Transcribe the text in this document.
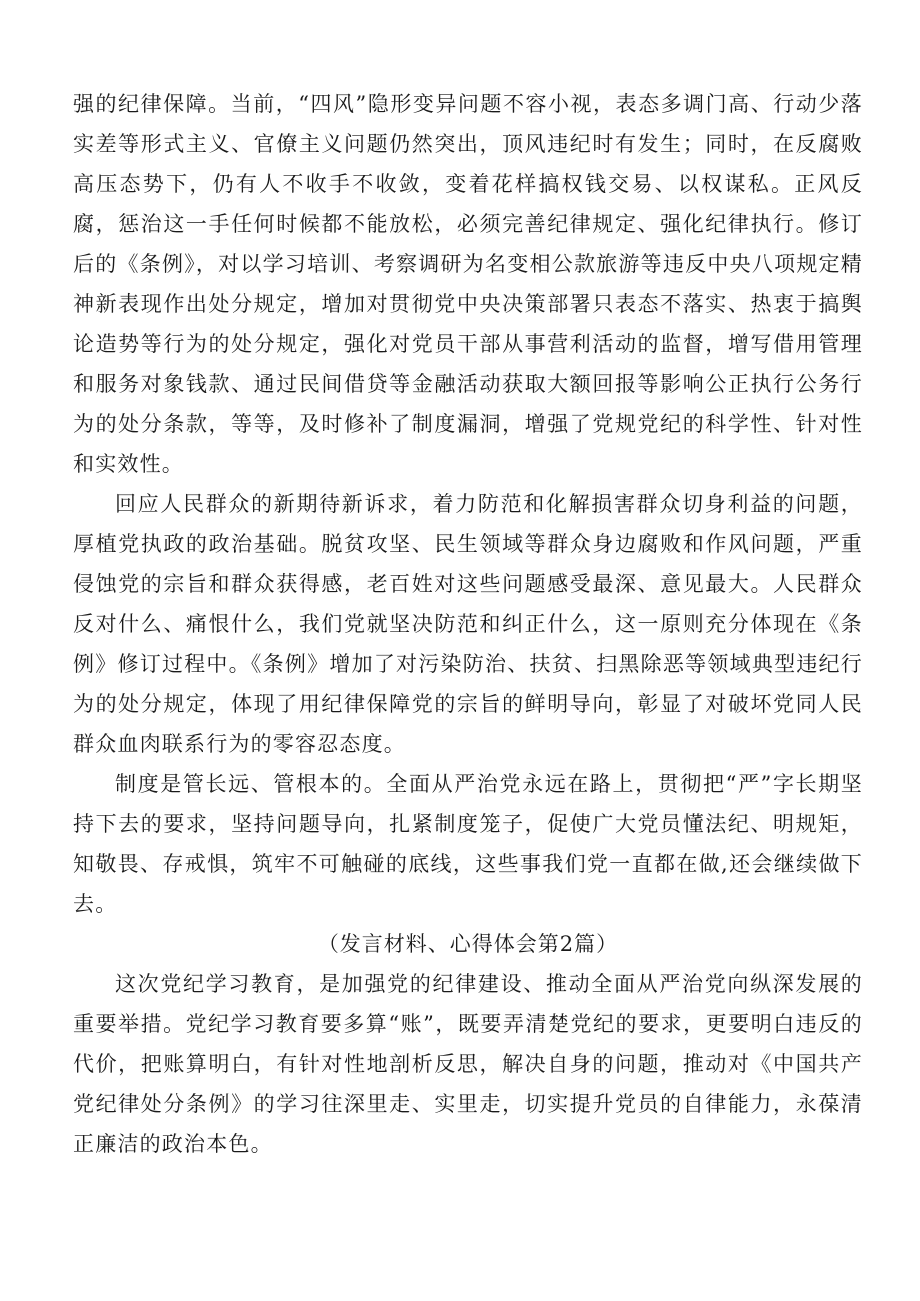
强的纪律保障。当前，“四风”隐形变异问题不容小视，表态多调门高、行动少落实差等形式主义、官僚主义问题仍然突出，顶风违纪时有发生；同时，在反腐败高压态势下，仍有人不收手不收敛，变着花样搞权钱交易、以权谋私。正风反腐，惩治这一手任何时候都不能放松，必须完善纪律规定、强化纪律执行。修订后的《条例》，对以学习培训、考察调研为名变相公款旅游等违反中央八项规定精神新表现作出处分规定，增加对贯彻党中央决策部署只表态不落实、热衷于搞舆论造势等行为的处分规定，强化对党员干部从事营利活动的监督，增写借用管理和服务对象钱款、通过民间借贷等金融活动获取大额回报等影响公正执行公务行为的处分条款，等等，及时修补了制度漏洞，增强了党规党纪的科学性、针对性和实效性。

回应人民群众的新期待新诉求，着力防范和化解损害群众切身利益的问题，厚植党执政的政治基础。脱贫攻坚、民生领域等群众身边腐败和作风问题，严重侵蚀党的宗旨和群众获得感，老百姓对这些问题感受最深、意见最大。人民群众反对什么、痛恨什么，我们党就坚决防范和纠正什么，这一原则充分体现在《条例》修订过程中。《条例》增加了对污染防治、扶贫、扫黑除恶等领域典型违纪行为的处分规定，体现了用纪律保障党的宗旨的鲜明导向，彰显了对破坏党同人民群众血肉联系行为的零容忍态度。

制度是管长远、管根本的。全面从严治党永远在路上，贯彻把“严”字长期坚持下去的要求，坚持问题导向，扎紧制度笼子，促使广大党员懂法纪、明规矩，知敬畏、存戒惧，筑牢不可触碰的底线，这些事我们党一直都在做,还会继续做下去。

（发言材料、心得体会第2篇）

这次党纪学习教育，是加强党的纪律建设、推动全面从严治党向纵深发展的重要举措。党纪学习教育要多算“账”，既要弄清楚党纪的要求，更要明白违反的代价，把账算明白，有针对性地剖析反思，解决自身的问题，推动对《中国共产党纪律处分条例》的学习往深里走、实里走，切实提升党员的自律能力，永葆清正廉洁的政治本色。
